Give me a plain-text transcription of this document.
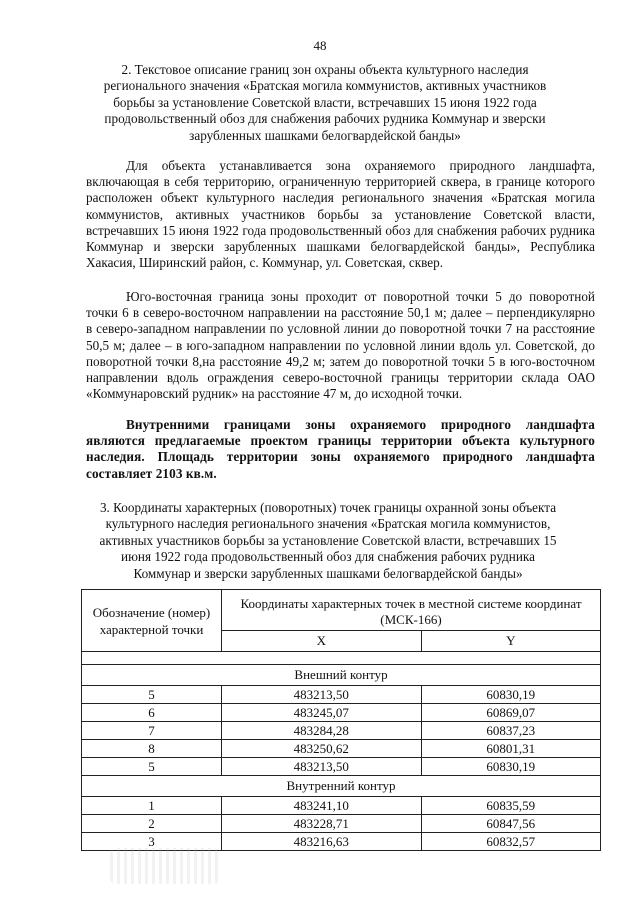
48
2. Текстовое описание границ зон охраны объекта культурного наследия регионального значения «Братская могила коммунистов, активных участников борьбы за установление Советской власти, встречавших 15 июня 1922 года продовольственный обоз для снабжения рабочих рудника Коммунар и зверски зарубленных шашками белогвардейской банды»

Для объекта устанавливается зона охраняемого природного ландшафта, включающая в себя территорию, ограниченную территорией сквера, в границе которого расположен объект культурного наследия регионального значения «Братская могила коммунистов, активных участников борьбы за установление Советской власти, встречавших 15 июня 1922 года продовольственный обоз для снабжения рабочих рудника Коммунар и зверски зарубленных шашками белогвардейской банды», Республика Хакасия, Ширинский район, с. Коммунар, ул. Советская, сквер.

Юго-восточная граница зоны проходит от поворотной точки 5 до поворотной точки 6 в северо-восточном направлении на расстояние 50,1 м; далее – перпендикулярно в северо-западном направлении по условной линии до поворотной точки 7 на расстояние 50,5 м; далее – в юго-западном направлении по условной линии вдоль ул. Советской, до поворотной точки 8,на расстояние 49,2 м; затем до поворотной точки 5 в юго-восточном направлении вдоль ограждения северо-восточной границы территории склада ОАО «Коммунаровский рудник» на расстояние 47 м, до исходной точки.

Внутренними границами зоны охраняемого природного ландшафта являются предлагаемые проектом границы территории объекта культурного наследия. Площадь территории зоны охраняемого природного ландшафта составляет 2103 кв.м.

3. Координаты характерных (поворотных) точек границы охранной зоны объекта культурного наследия регионального значения «Братская могила коммунистов, активных участников борьбы за установление Советской власти, встречавших 15 июня 1922 года продовольственный обоз для снабжения рабочих рудника Коммунар и зверски зарубленных шашками белогвардейской банды»
Обозначение (номер) характерной точки	Координаты характерных точек в местной системе координат (МСК-166)	
	X	Y

Внешний контур		
5	483213,50	60830,19
6	483245,07	60869,07
7	483284,28	60837,23
8	483250,62	60801,31
5	483213,50	60830,19
Внутренний контур		
1	483241,10	60835,59
2	483228,71	60847,56
3	483216,63	60832,57
